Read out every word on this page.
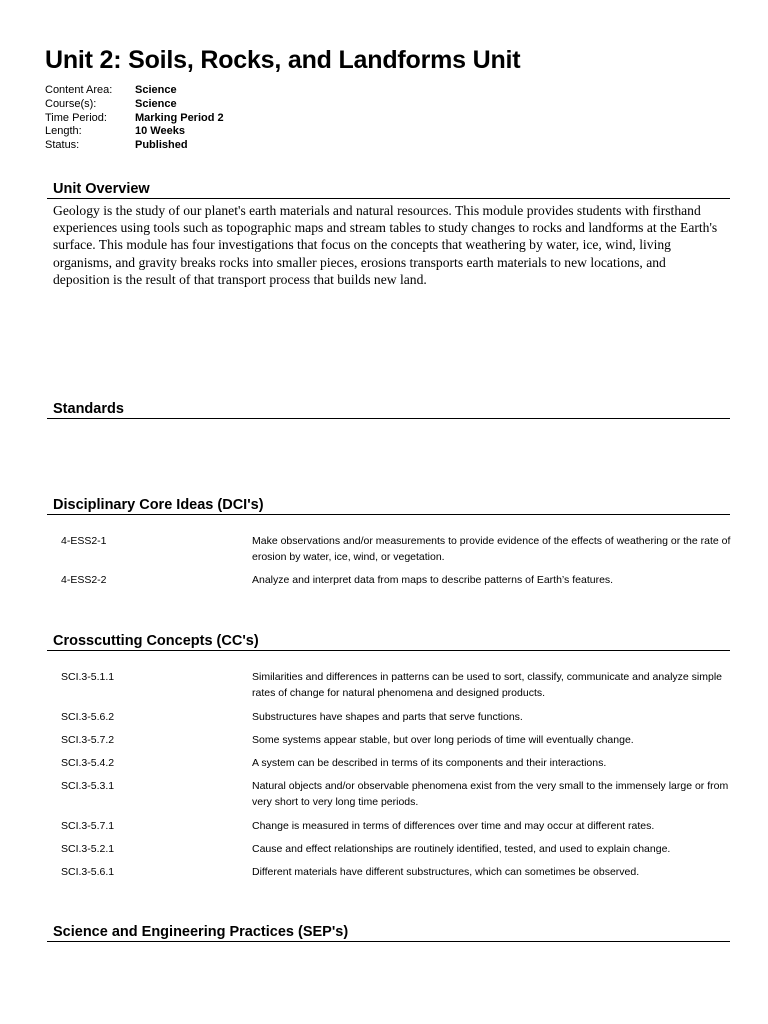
Unit 2: Soils, Rocks, and Landforms Unit
Content Area:	Science
Course(s):	Science
Time Period:	Marking Period 2
Length:	10 Weeks
Status:	Published
Unit Overview
Geology is the study of our planet's earth materials and natural resources. This module provides students with firsthand experiences using tools such as topographic maps and stream tables to study changes to rocks and landforms at the Earth's surface. This module has four investigations that focus on the concepts that weathering by water, ice, wind, living organisms, and gravity breaks rocks into smaller pieces, erosions transports earth materials to new locations, and deposition is the result of that transport process that builds new land.
Standards
Disciplinary Core Ideas (DCI's)
4-ESS2-1	Make observations and/or measurements to provide evidence of the effects of weathering or the rate of erosion by water, ice, wind, or vegetation.
4-ESS2-2	Analyze and interpret data from maps to describe patterns of Earth’s features.
Crosscutting Concepts (CC's)
SCI.3-5.1.1	Similarities and differences in patterns can be used to sort, classify, communicate and analyze simple rates of change for natural phenomena and designed products.
SCI.3-5.6.2	Substructures have shapes and parts that serve functions.
SCI.3-5.7.2	Some systems appear stable, but over long periods of time will eventually change.
SCI.3-5.4.2	A system can be described in terms of its components and their interactions.
SCI.3-5.3.1	Natural objects and/or observable phenomena exist from the very small to the immensely large or from very short to very long time periods.
SCI.3-5.7.1	Change is measured in terms of differences over time and may occur at different rates.
SCI.3-5.2.1	Cause and effect relationships are routinely identified, tested, and used to explain change.
SCI.3-5.6.1	Different materials have different substructures, which can sometimes be observed.
Science and Engineering Practices (SEP's)
